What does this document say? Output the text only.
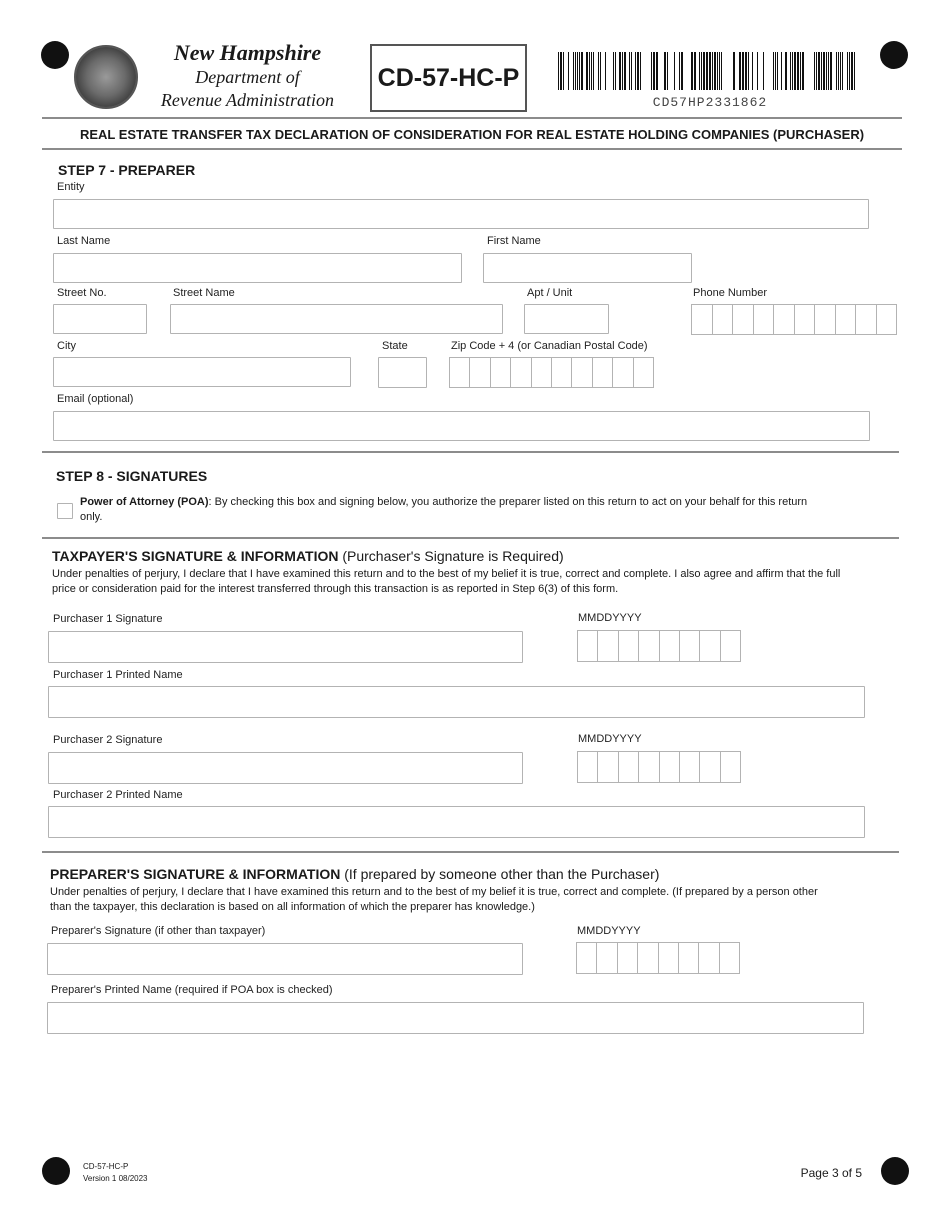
New Hampshire
Department of
Revenue Administration
CD-57-HC-P
CD57HP2331862
REAL ESTATE TRANSFER TAX DECLARATION OF CONSIDERATION FOR REAL ESTATE HOLDING COMPANIES (PURCHASER)
STEP 7 - PREPARER
Entity
Last Name	First Name
Street No.	Street Name	Apt / Unit	Phone Number
City	State	Zip Code + 4 (or Canadian Postal Code)
Email (optional)
STEP 8 - SIGNATURES
Power of Attorney (POA): By checking this box and signing below, you authorize the preparer listed on this return to act on your behalf for this return
only.
TAXPAYER'S SIGNATURE & INFORMATION (Purchaser's Signature is Required)
Under penalties of perjury, I declare that I have examined this return and to the best of my belief it is true, correct and complete. I also agree and affirm that the full
price or consideration paid for the interest transferred through this transaction is as reported in Step 6(3) of this form.
Purchaser 1 Signature	MMDDYYYY
Purchaser 1 Printed Name
Purchaser 2 Signature	MMDDYYYY
Purchaser 2 Printed Name
PREPARER'S SIGNATURE & INFORMATION (If prepared by someone other than the Purchaser)
Under penalties of perjury, I declare that I have examined this return and to the best of my belief it is true, correct and complete. (If prepared by a person other
than the taxpayer, this declaration is based on all information of which the preparer has knowledge.)
Preparer's Signature (if other than taxpayer)	MMDDYYYY
Preparer's Printed Name (required if POA box is checked)
CD-57-HC-P
Version 1 08/2023	Page 3 of 5
